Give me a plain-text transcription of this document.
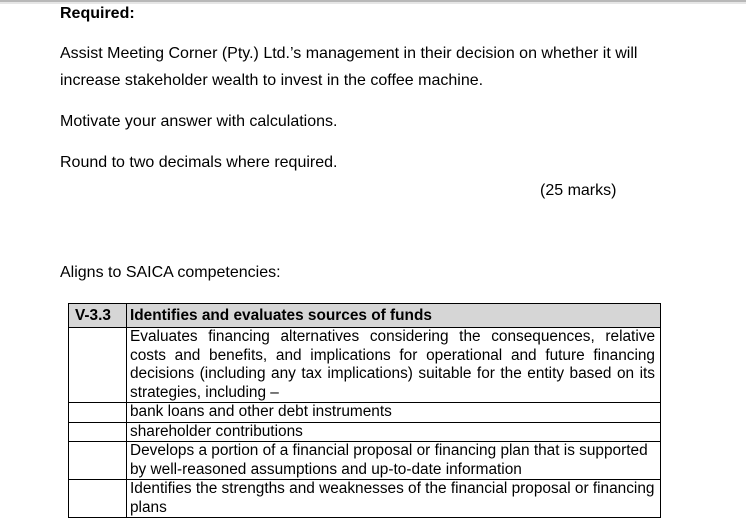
Required:
Assist Meeting Corner (Pty.) Ltd.’s management in their decision on whether it will
increase stakeholder wealth to invest in the coffee machine.
Motivate your answer with calculations.
Round to two decimals where required.
(25 marks)
Aligns to SAICA competencies:
V-3.3	Identifies and evaluates sources of funds
	Evaluates financing alternatives considering the consequences, relative costs and benefits, and implications for operational and future financing decisions (including any tax implications) suitable for the entity based on its strategies, including –
	bank loans and other debt instruments
	shareholder contributions
	Develops a portion of a financial proposal or financing plan that is supported by well-reasoned assumptions and up-to-date information
	Identifies the strengths and weaknesses of the financial proposal or financing plans
